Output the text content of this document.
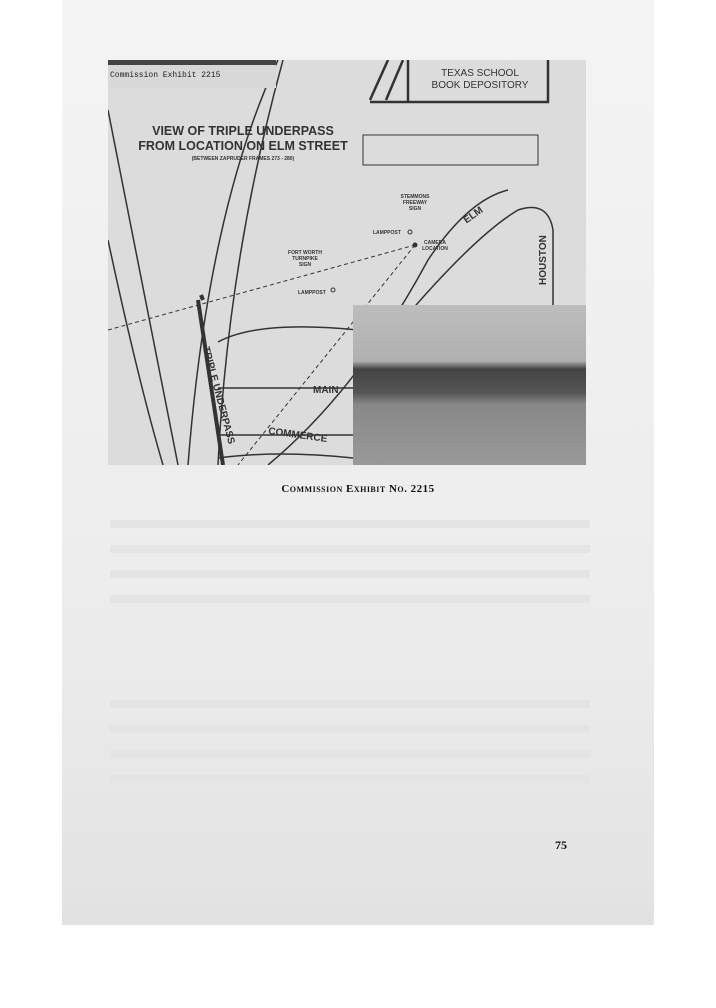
Commission Exhibit 2215
VIEW OF TRIPLE UNDERPASS
FROM LOCATION ON ELM STREET
(BETWEEN ZAPRUDER FRAMES 273 - 280)
TEXAS SCHOOL BOOK DEPOSITORY
STEMMONS FREEWAY SIGN
LAMPPOST
CAMERA LOCATION
FORT WORTH TURNPIKE SIGN
LAMPPOST
ELM
HOUSTON
MAIN
COMMERCE
TRIPLE UNDERPASS
Commission Exhibit No. 2215
75
